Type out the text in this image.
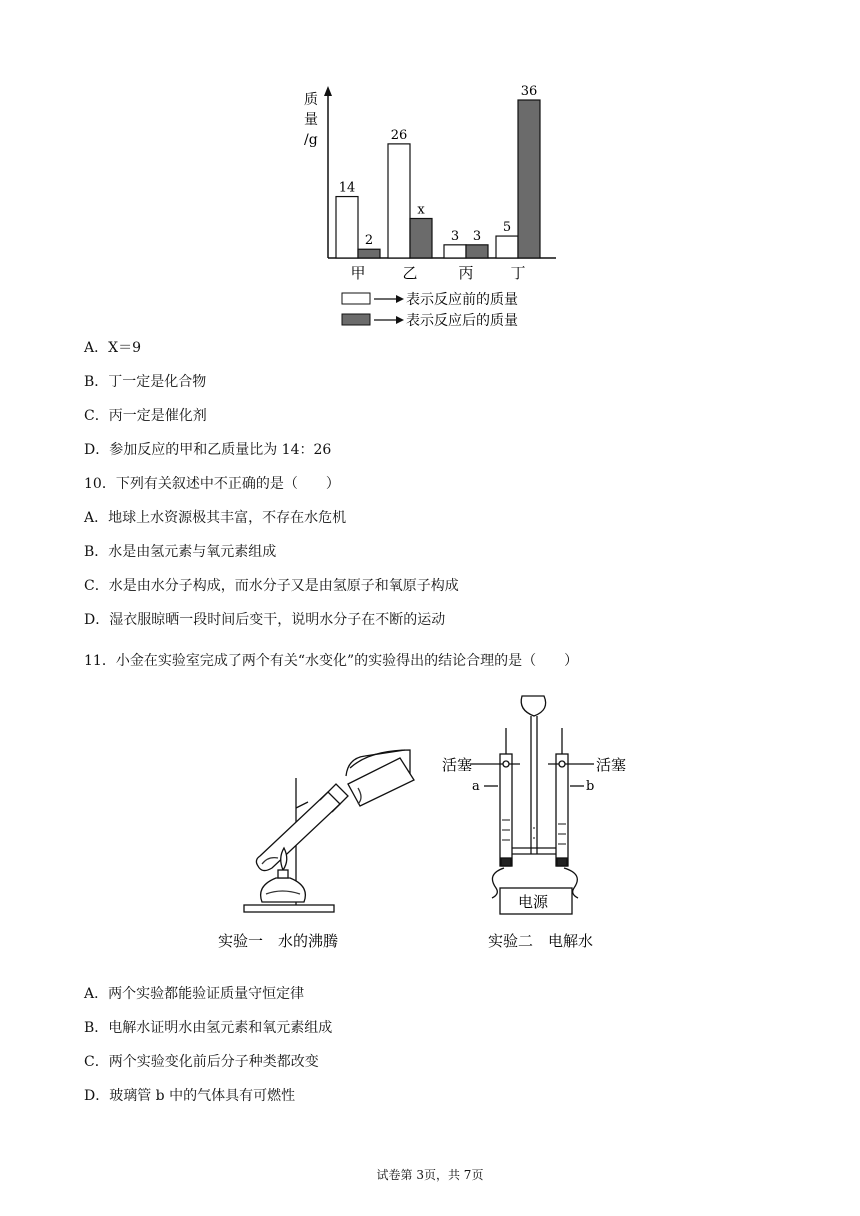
质
量
/g
14
2
26
x
3 3
5
36
甲 乙	丙 丁
表示反应前的质量
表示反应后的质量
A．X＝9
B．丁一定是化合物
C．丙一定是催化剂
D．参加反应的甲和乙质量比为 14：26
10．下列有关叙述中不正确的是（　　）
A．地球上水资源极其丰富，不存在水危机
B．水是由氢元素与氧元素组成
C．水是由水分子构成，而水分子又是由氢原子和氧原子构成
D．湿衣服晾晒一段时间后变干，说明水分子在不断的运动
11．小金在实验室完成了两个有关“水变化”的实验得出的结论合理的是（　　）
实验一　水的沸腾
活塞	活塞
a	b
电源
实验二　电解水
A．两个实验都能验证质量守恒定律
B．电解水证明水由氢元素和氧元素组成
C．两个实验变化前后分子种类都改变
D．玻璃管 b 中的气体具有可燃性
试卷第 3页，共 7页
